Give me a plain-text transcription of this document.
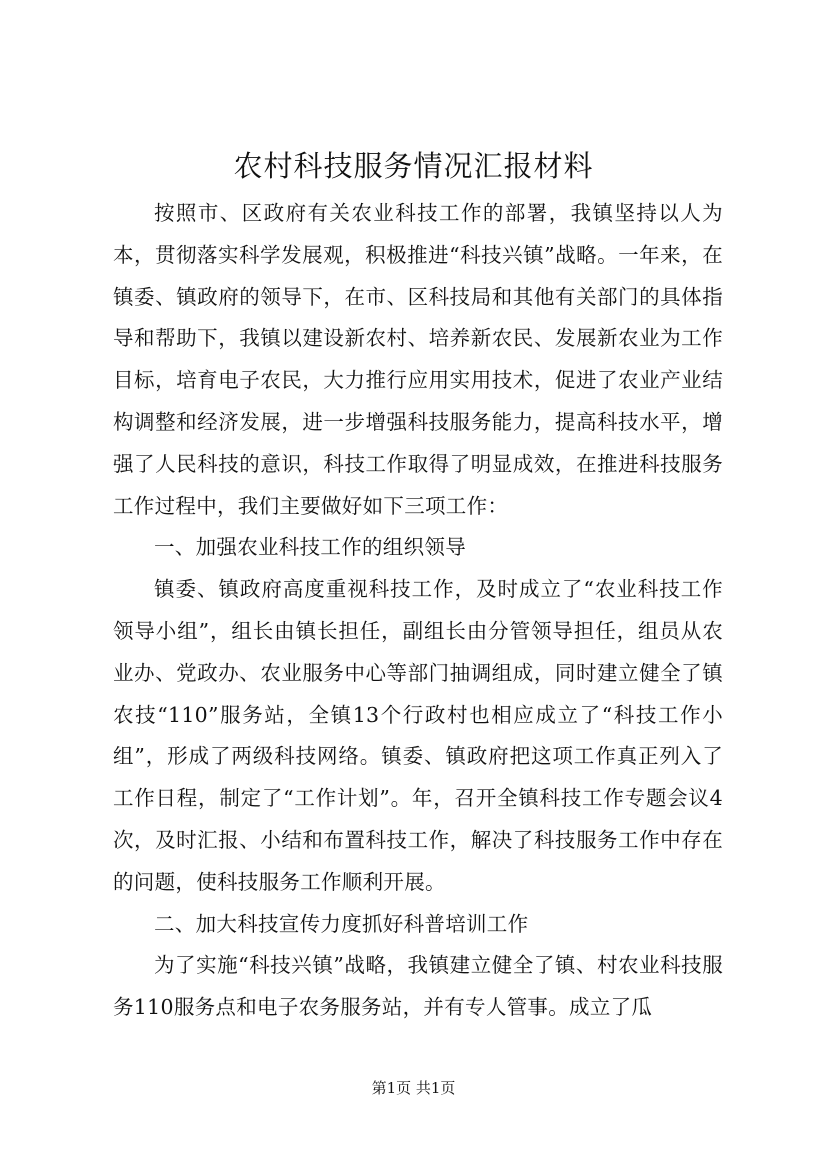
农村科技服务情况汇报材料

按照市、区政府有关农业科技工作的部署，我镇坚持以人为本，贯彻落实科学发展观，积极推进“科技兴镇”战略。一年来，在镇委、镇政府的领导下，在市、区科技局和其他有关部门的具体指导和帮助下，我镇以建设新农村、培养新农民、发展新农业为工作目标，培育电子农民，大力推行应用实用技术，促进了农业产业结构调整和经济发展，进一步增强科技服务能力，提高科技水平，增强了人民科技的意识，科技工作取得了明显成效，在推进科技服务工作过程中，我们主要做好如下三项工作：

一、加强农业科技工作的组织领导

镇委、镇政府高度重视科技工作，及时成立了“农业科技工作领导小组”，组长由镇长担任，副组长由分管领导担任，组员从农业办、党政办、农业服务中心等部门抽调组成，同时建立健全了镇农技“110”服务站，全镇13个行政村也相应成立了“科技工作小组”，形成了两级科技网络。镇委、镇政府把这项工作真正列入了工作日程，制定了“工作计划”。年，召开全镇科技工作专题会议4次，及时汇报、小结和布置科技工作，解决了科技服务工作中存在的问题，使科技服务工作顺利开展。

二、加大科技宣传力度抓好科普培训工作

为了实施“科技兴镇”战略，我镇建立健全了镇、村农业科技服务110服务点和电子农务服务站，并有专人管事。成立了瓜

第1页 共1页
